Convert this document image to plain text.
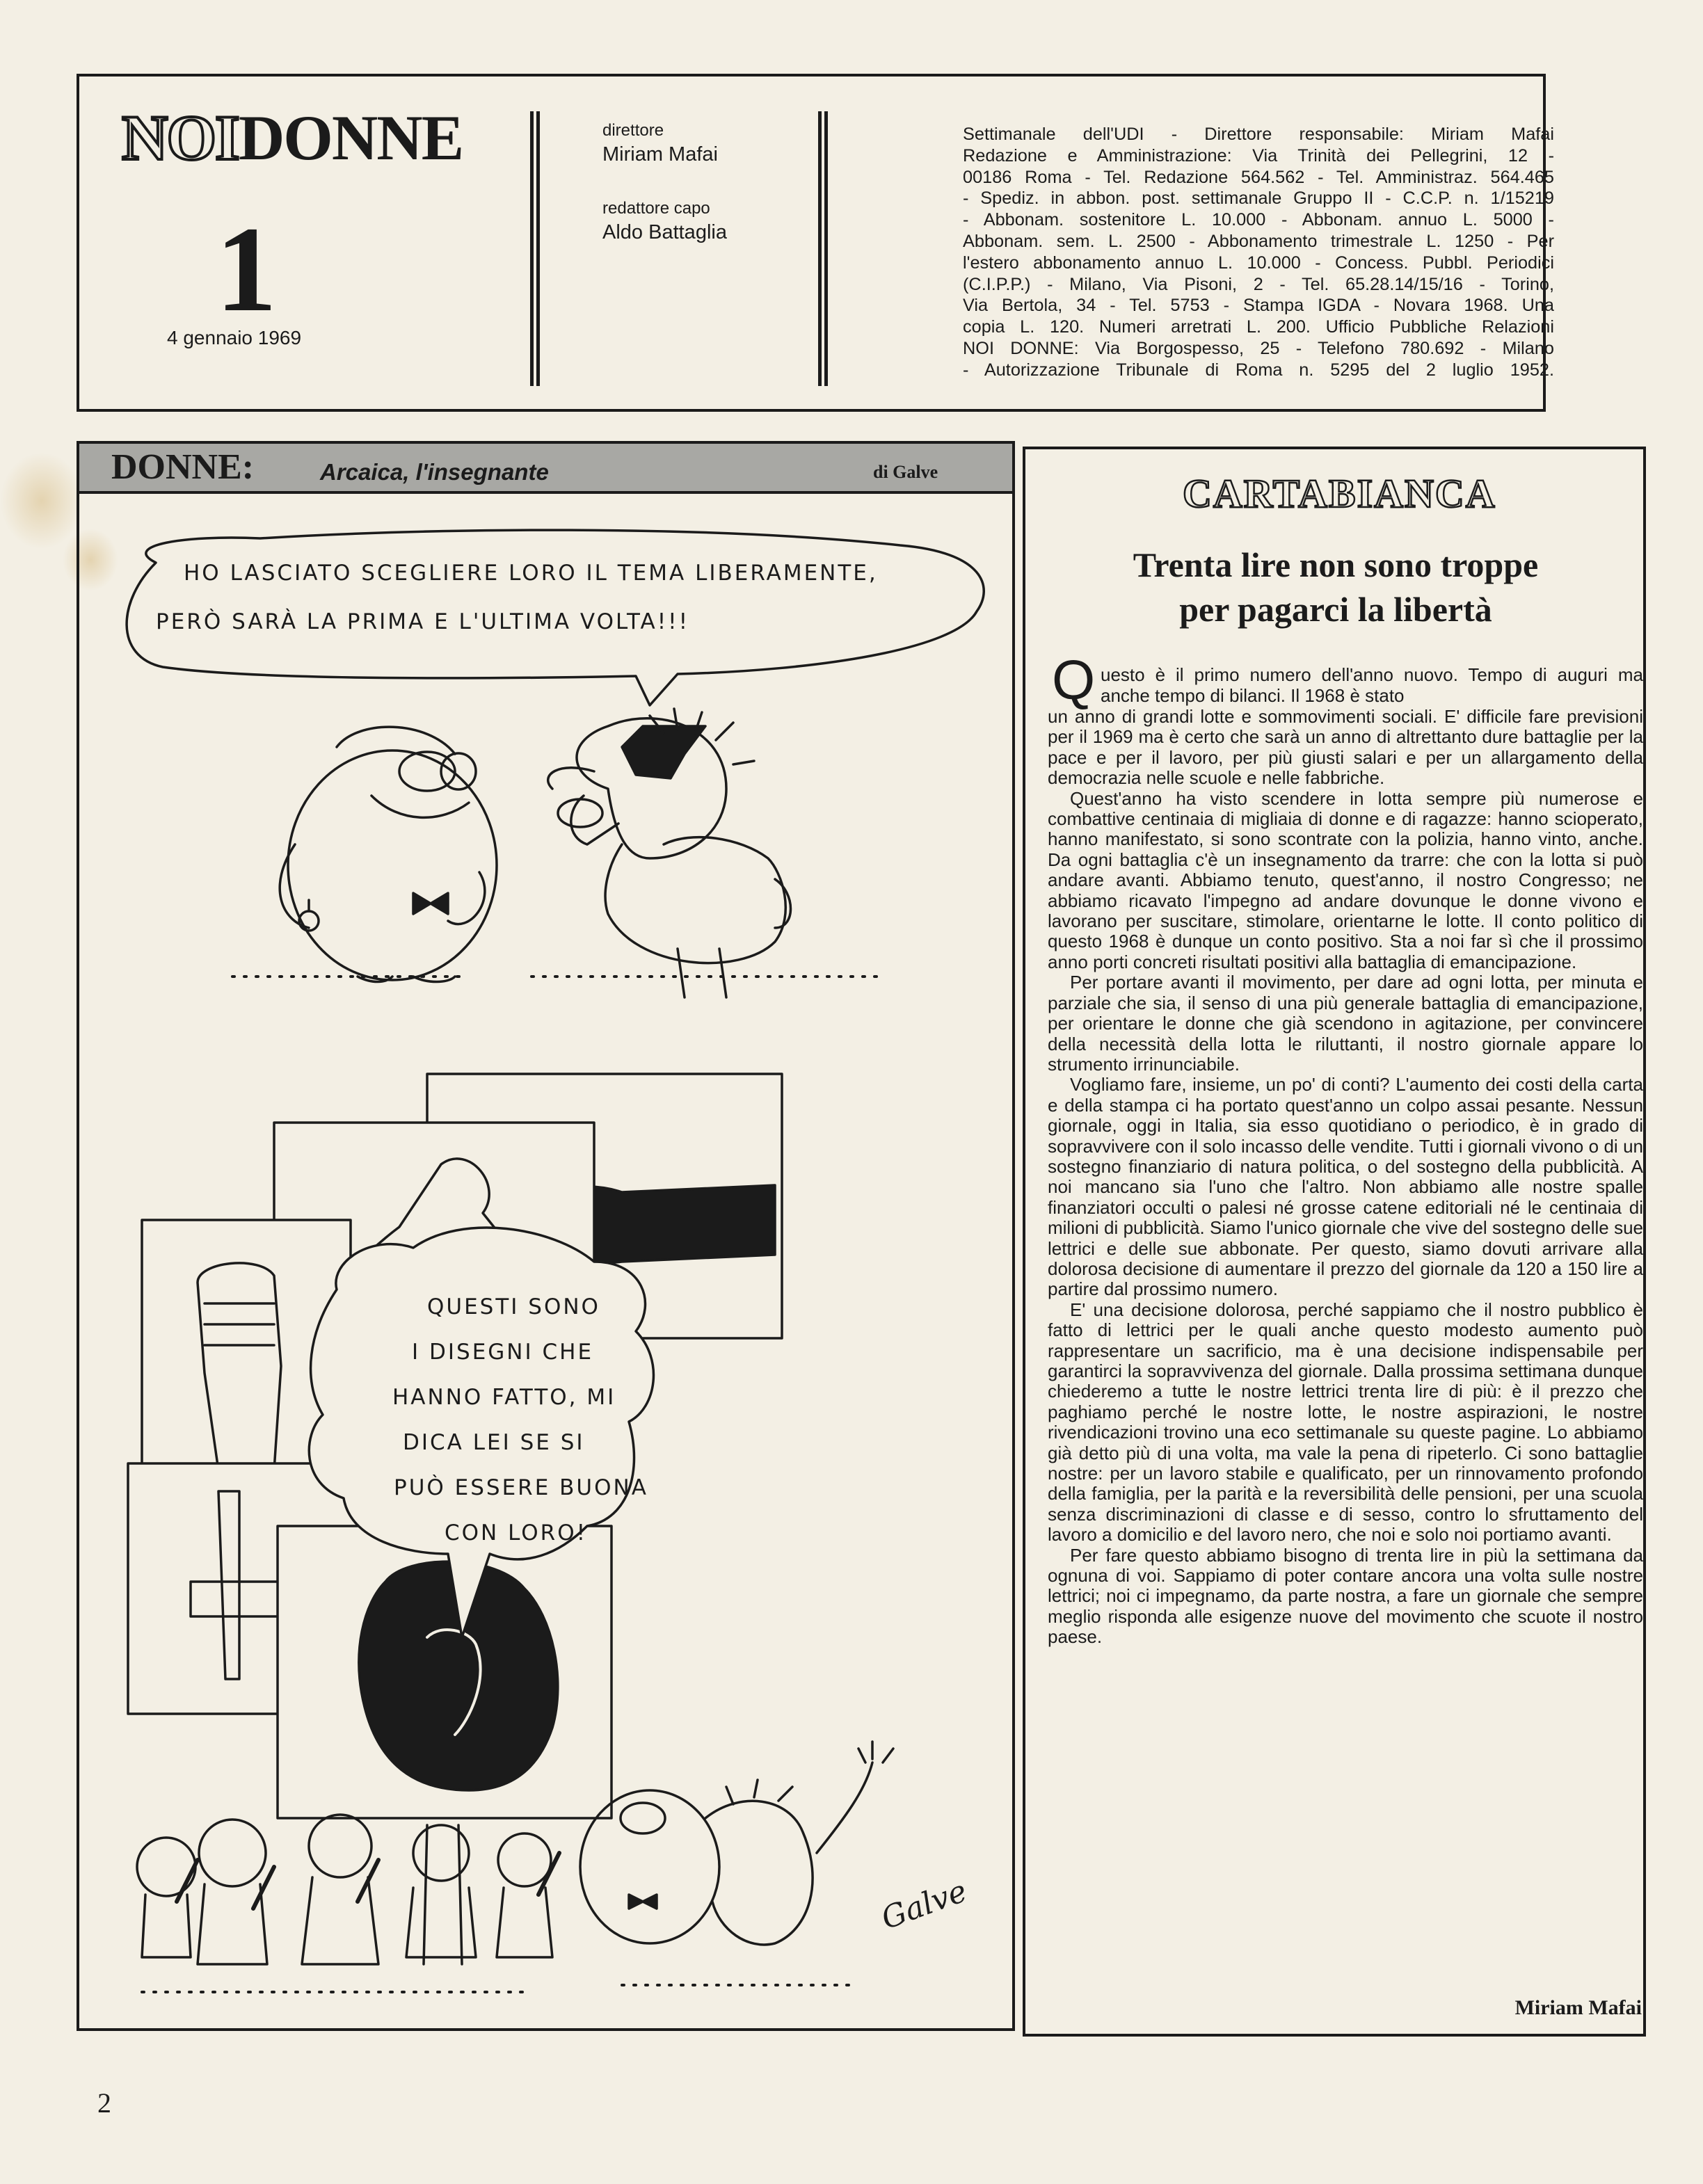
NOIDONNE
1
4 gennaio 1969
direttore
Miriam Mafai
redattore capo
Aldo Battaglia
Settimanale dell'UDI - Direttore responsabile: Miriam Mafai
Redazione e Amministrazione: Via Trinità dei Pellegrini, 12 -
00186 Roma - Tel. Redazione 564.562 - Tel. Amministraz. 564.465
- Spediz. in abbon. post. settimanale Gruppo II - C.C.P. n. 1/15219
- Abbonam. sostenitore L. 10.000 - Abbonam. annuo L. 5000 -
Abbonam. sem. L. 2500 - Abbonamento trimestrale L. 1250 - Per
l'estero abbonamento annuo L. 10.000 - Concess. Pubbl. Periodici
(C.I.P.P.) - Milano, Via Pisoni, 2 - Tel. 65.28.14/15/16 - Torino,
Via Bertola, 34 - Tel. 5753 - Stampa IGDA - Novara 1968. Una
copia L. 120. Numeri arretrati L. 200. Ufficio Pubbliche Relazioni
NOI DONNE: Via Borgospesso, 25 - Telefono 780.692 - Milano
- Autorizzazione Tribunale di Roma n. 5295 del 2 luglio 1952.
DONNE:	Arcaica, l'insegnante	di Galve
HO LASCIATO SCEGLIERE LORO IL TEMA LIBERAMENTE,
PERÒ SARÀ LA PRIMA E L'ULTIMA VOLTA!!!
QUESTI SONO
I DISEGNI CHE
HANNO FATTO, MI
DICA LEI SE SI
PUÒ ESSERE BUONA
CON LORO!
Galve
CARTABIANCA
Trenta lire non sono troppe
per pagarci la libertà
Q uesto è il primo numero dell'anno nuovo. Tempo di auguri ma anche tempo di bilanci. Il 1968 è stato

un anno di grandi lotte e sommovimenti sociali. E' difficile fare previsioni per il 1969 ma è certo che sarà un anno di altrettanto dure battaglie per la pace e per il lavoro, per più giusti salari e per un allargamento della democrazia nelle scuole e nelle fabbriche.

Quest'anno ha visto scendere in lotta sempre più numerose e combattive centinaia di migliaia di donne e di ragazze: hanno scioperato, hanno manifestato, si sono scontrate con la polizia, hanno vinto, anche. Da ogni battaglia c'è un insegnamento da trarre: che con la lotta si può andare avanti. Abbiamo tenuto, quest'anno, il nostro Congresso; ne abbiamo ricavato l'impegno ad andare dovunque le donne vivono e lavorano per suscitare, stimolare, orientarne le lotte. Il conto politico di questo 1968 è dunque un conto positivo. Sta a noi far sì che il prossimo anno porti concreti risultati positivi alla battaglia di emancipazione.

Per portare avanti il movimento, per dare ad ogni lotta, per minuta e parziale che sia, il senso di una più generale battaglia di emancipazione, per orientare le donne che già scendono in agitazione, per convincere della necessità della lotta le riluttanti, il nostro giornale appare lo strumento irrinunciabile.

Vogliamo fare, insieme, un po' di conti? L'aumento dei costi della carta e della stampa ci ha portato quest'anno un colpo assai pesante. Nessun giornale, oggi in Italia, sia esso quotidiano o periodico, è in grado di sopravvivere con il solo incasso delle vendite. Tutti i giornali vivono o di un sostegno finanziario di natura politica, o del sostegno della pubblicità. A noi mancano sia l'uno che l'altro. Non abbiamo alle nostre spalle finanziatori occulti o palesi né grosse catene editoriali né le centinaia di milioni di pubblicità. Siamo l'unico giornale che vive del sostegno delle sue lettrici e delle sue abbonate. Per questo, siamo dovuti arrivare alla dolorosa decisione di aumentare il prezzo del giornale da 120 a 150 lire a partire dal prossimo numero.

E' una decisione dolorosa, perché sappiamo che il nostro pubblico è fatto di lettrici per le quali anche questo modesto aumento può rappresentare un sacrificio, ma è una decisione indispensabile per garantirci la sopravvivenza del giornale. Dalla prossima settimana dunque chiederemo a tutte le nostre lettrici trenta lire di più: è il prezzo che paghiamo perché le nostre lotte, le nostre aspirazioni, le nostre rivendicazioni trovino una eco settimanale su queste pagine. Lo abbiamo già detto più di una volta, ma vale la pena di ripeterlo. Ci sono battaglie nostre: per un lavoro stabile e qualificato, per un rinnovamento profondo della famiglia, per la parità e la reversibilità delle pensioni, per una scuola senza discriminazioni di classe e di sesso, contro lo sfruttamento del lavoro a domicilio e del lavoro nero, che noi e solo noi portiamo avanti.

Per fare questo abbiamo bisogno di trenta lire in più la settimana da ognuna di voi. Sappiamo di poter contare ancora una volta sulle nostre lettrici; noi ci impegnamo, da parte nostra, a fare un giornale che sempre meglio risponda alle esigenze nuove del movimento che scuote il nostro paese.

Miriam Mafai
2
